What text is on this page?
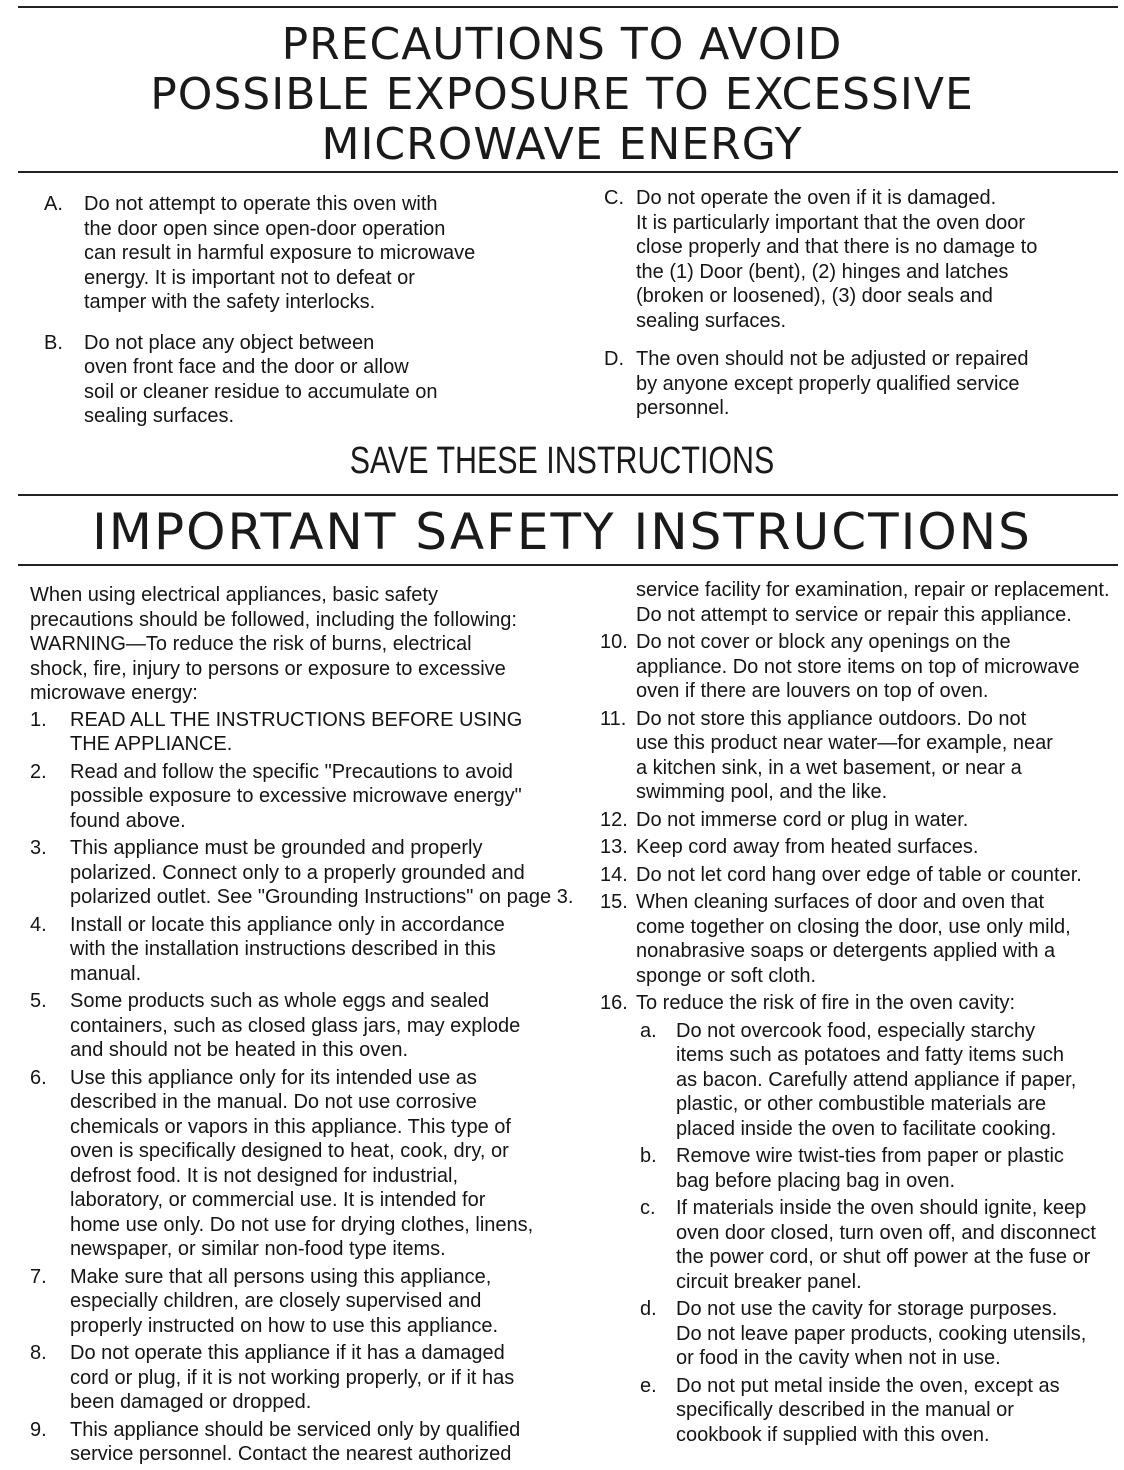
PRECAUTIONS TO AVOID
POSSIBLE EXPOSURE TO EXCESSIVE
MICROWAVE ENERGY
A. Do not attempt to operate this oven with
the door open since open-door operation
can result in harmful exposure to microwave
energy. It is important not to defeat or
tamper with the safety interlocks.
B. Do not place any object between
oven front face and the door or allow
soil or cleaner residue to accumulate on
sealing surfaces.
C. Do not operate the oven if it is damaged.
It is particularly important that the oven door
close properly and that there is no damage to
the (1) Door (bent), (2) hinges and latches
(broken or loosened), (3) door seals and
sealing surfaces.
D. The oven should not be adjusted or repaired
by anyone except properly qualified service
personnel.
SAVE THESE INSTRUCTIONS
IMPORTANT SAFETY INSTRUCTIONS
When using electrical appliances, basic safety
precautions should be followed, including the following:
WARNING—To reduce the risk of burns, electrical
shock, fire, injury to persons or exposure to excessive
microwave energy:
1. READ ALL THE INSTRUCTIONS BEFORE USING
THE APPLIANCE.
2. Read and follow the specific "Precautions to avoid
possible exposure to excessive microwave energy"
found above.
3. This appliance must be grounded and properly
polarized. Connect only to a properly grounded and
polarized outlet. See "Grounding Instructions" on page 3.
4. Install or locate this appliance only in accordance
with the installation instructions described in this
manual.
5. Some products such as whole eggs and sealed
containers, such as closed glass jars, may explode
and should not be heated in this oven.
6. Use this appliance only for its intended use as
described in the manual. Do not use corrosive
chemicals or vapors in this appliance. This type of
oven is specifically designed to heat, cook, dry, or
defrost food. It is not designed for industrial,
laboratory, or commercial use. It is intended for
home use only. Do not use for drying clothes, linens,
newspaper, or similar non-food type items.
7. Make sure that all persons using this appliance,
especially children, are closely supervised and
properly instructed on how to use this appliance.
8. Do not operate this appliance if it has a damaged
cord or plug, if it is not working properly, or if it has
been damaged or dropped.
9. This appliance should be serviced only by qualified
service personnel. Contact the nearest authorized
service facility for examination, repair or replacement.
Do not attempt to service or repair this appliance.
10. Do not cover or block any openings on the
appliance. Do not store items on top of microwave
oven if there are louvers on top of oven.
11. Do not store this appliance outdoors. Do not
use this product near water—for example, near
a kitchen sink, in a wet basement, or near a
swimming pool, and the like.
12. Do not immerse cord or plug in water.
13. Keep cord away from heated surfaces.
14. Do not let cord hang over edge of table or counter.
15. When cleaning surfaces of door and oven that
come together on closing the door, use only mild,
nonabrasive soaps or detergents applied with a
sponge or soft cloth.
16. To reduce the risk of fire in the oven cavity:
a. Do not overcook food, especially starchy
items such as potatoes and fatty items such
as bacon. Carefully attend appliance if paper,
plastic, or other combustible materials are
placed inside the oven to facilitate cooking.
b. Remove wire twist-ties from paper or plastic
bag before placing bag in oven.
c. If materials inside the oven should ignite, keep
oven door closed, turn oven off, and disconnect
the power cord, or shut off power at the fuse or
circuit breaker panel.
d. Do not use the cavity for storage purposes.
Do not leave paper products, cooking utensils,
or food in the cavity when not in use.
e. Do not put metal inside the oven, except as
specifically described in the manual or
cookbook if supplied with this oven.
